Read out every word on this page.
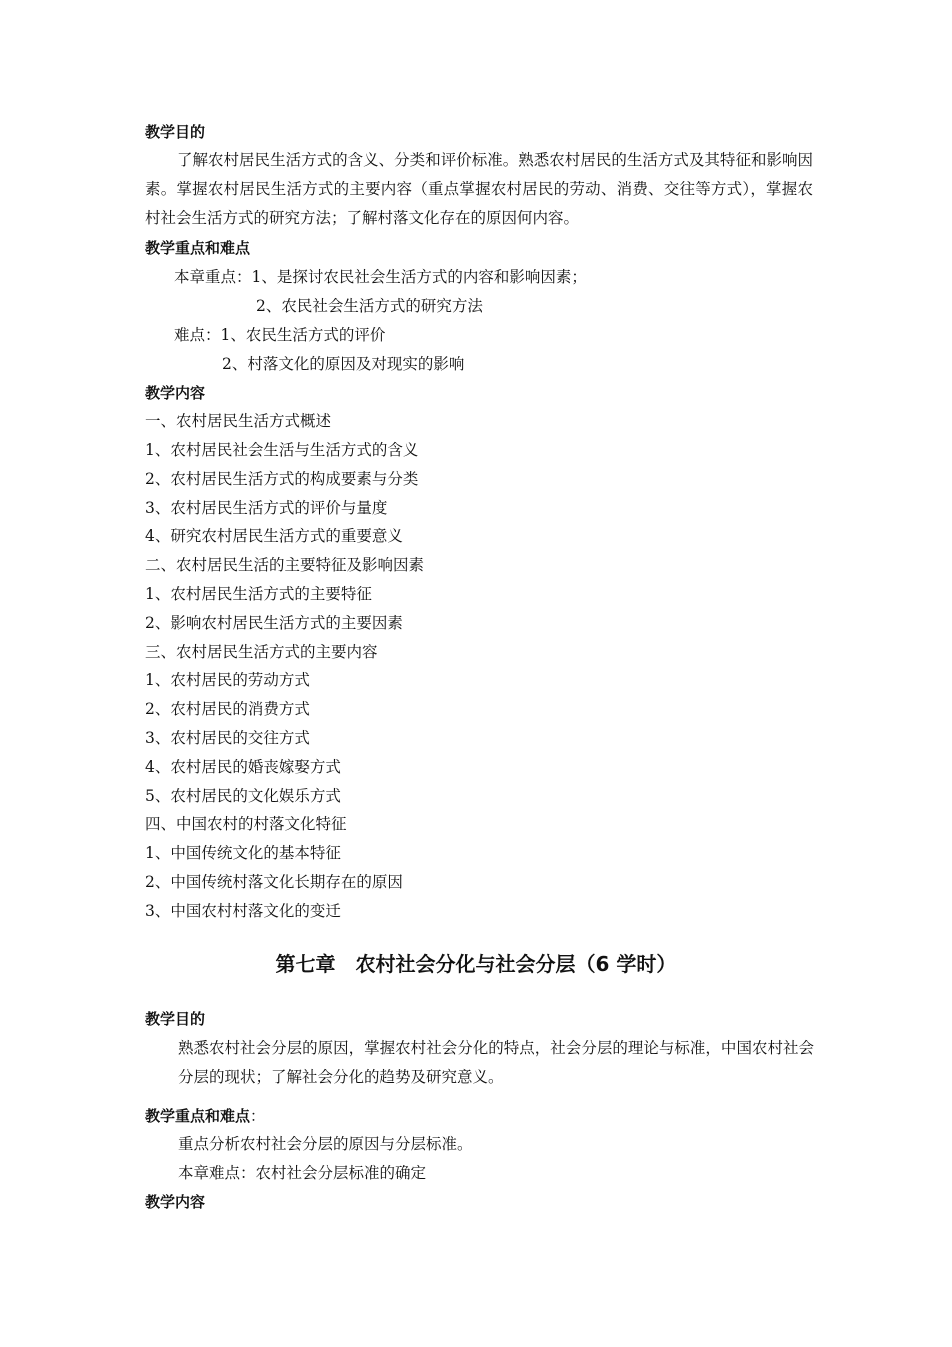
教学目的

了解农村居民生活方式的含义、分类和评价标准。熟悉农村居民的生活方式及其特征和影响因素。掌握农村居民生活方式的主要内容（重点掌握农村居民的劳动、消费、交往等方式），掌握农村社会生活方式的研究方法；了解村落文化存在的原因何内容。

教学重点和难点

本章重点：1、是探讨农民社会生活方式的内容和影响因素；

2、农民社会生活方式的研究方法

难点：1、农民生活方式的评价

2、村落文化的原因及对现实的影响

教学内容

一、农村居民生活方式概述

1、农村居民社会生活与生活方式的含义

2、农村居民生活方式的构成要素与分类

3、农村居民生活方式的评价与量度

4、研究农村居民生活方式的重要意义

二、农村居民生活的主要特征及影响因素

1、农村居民生活方式的主要特征

2、影响农村居民生活方式的主要因素

三、农村居民生活方式的主要内容

1、农村居民的劳动方式

2、农村居民的消费方式

3、农村居民的交往方式

4、农村居民的婚丧嫁娶方式

5、农村居民的文化娱乐方式

四、中国农村的村落文化特征

1、中国传统文化的基本特征

2、中国传统村落文化长期存在的原因

3、中国农村村落文化的变迁

第七章　农村社会分化与社会分层（6 学时）

教学目的

熟悉农村社会分层的原因，掌握农村社会分化的特点，社会分层的理论与标准，中国农村社会分层的现状；了解社会分化的趋势及研究意义。

教学重点和难点：

重点分析农村社会分层的原因与分层标准。

本章难点：农村社会分层标准的确定

教学内容
